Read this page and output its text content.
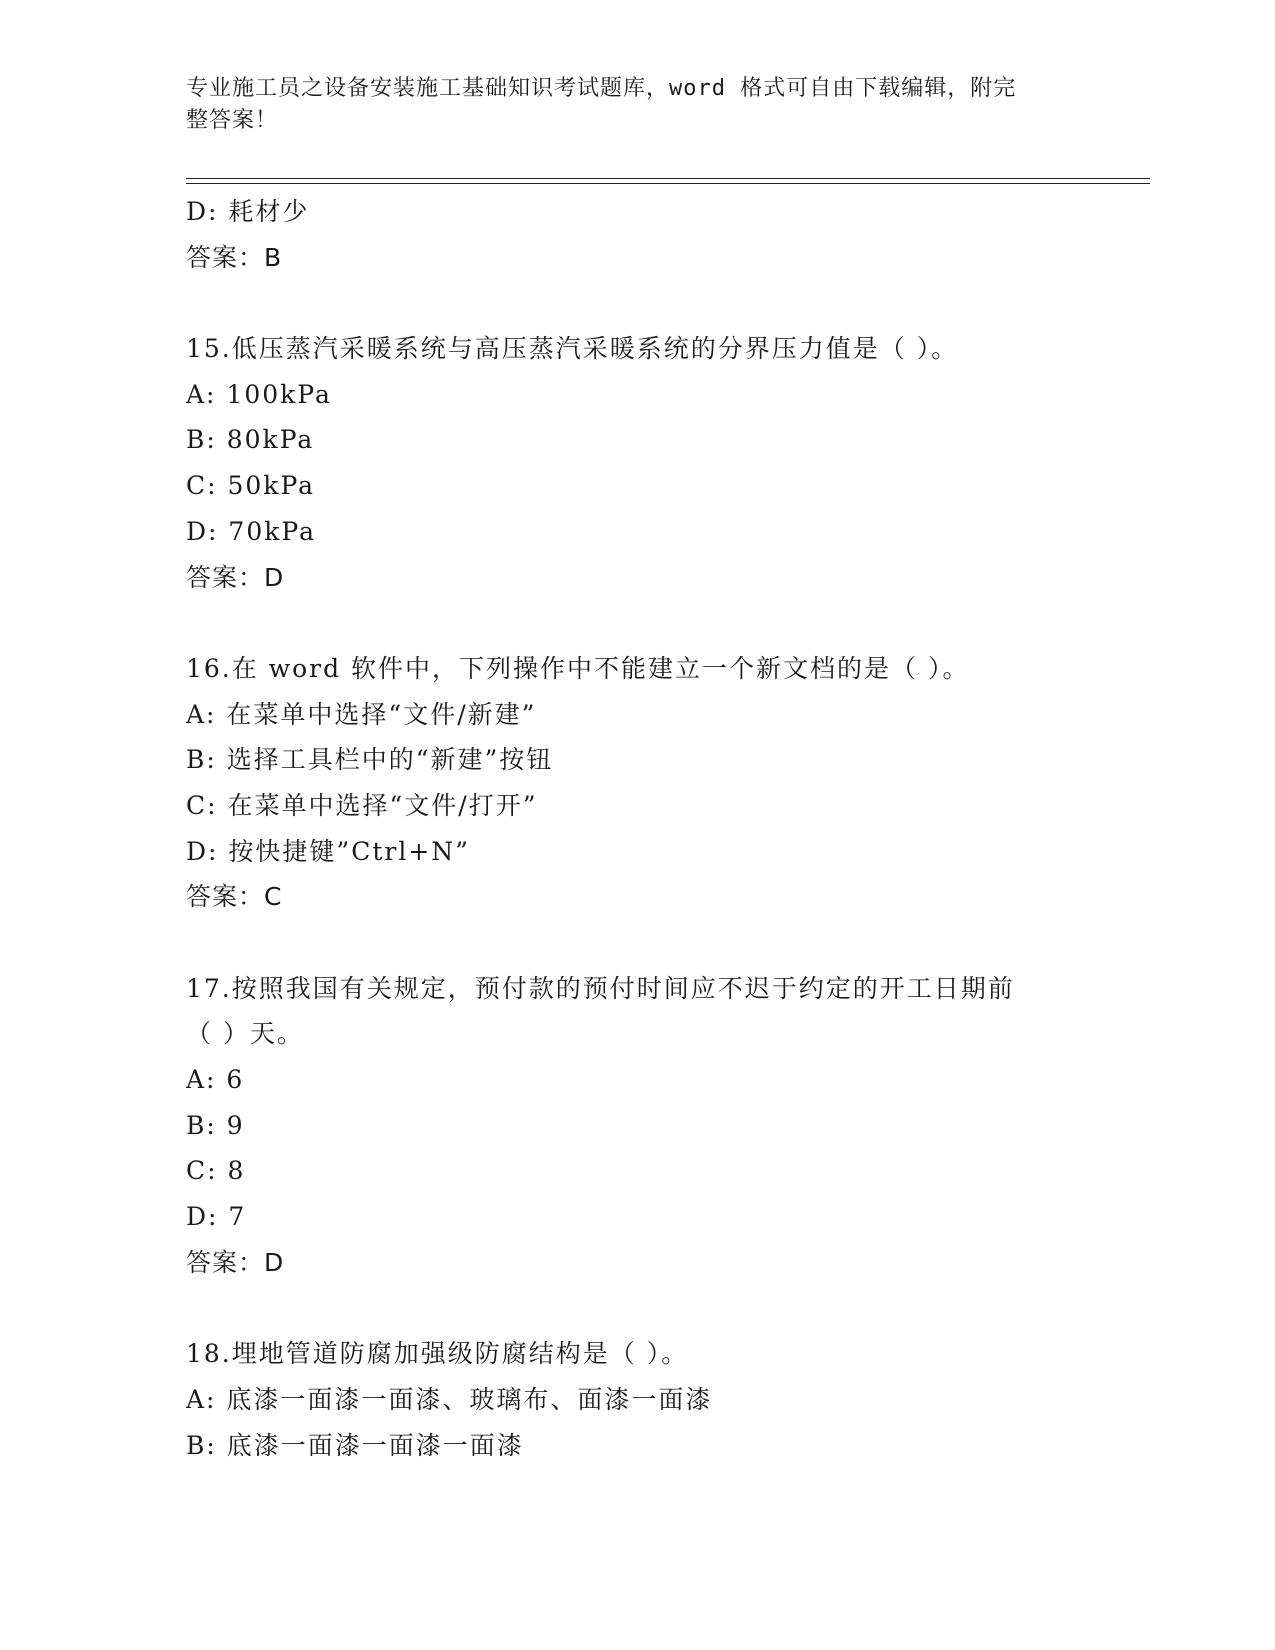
专业施工员之设备安装施工基础知识考试题库，word 格式可自由下载编辑，附完
整答案！
D: 耗材少
答案：B
15.低压蒸汽采暖系统与高压蒸汽采暖系统的分界压力值是（ ）。
A: 100kPa
B: 80kPa
C: 50kPa
D: 70kPa
答案：D
16.在 word 软件中，下列操作中不能建立一个新文档的是（ ）。
A: 在菜单中选择“文件/新建”
B: 选择工具栏中的“新建”按钮
C: 在菜单中选择“文件/打开”
D: 按快捷键”Ctrl+N”
答案：C
17.按照我国有关规定，预付款的预付时间应不迟于约定的开工日期前
（ ）天。
A: 6
B: 9
C: 8
D: 7
答案：D
18.埋地管道防腐加强级防腐结构是（ ）。
A: 底漆一面漆一面漆、玻璃布、面漆一面漆
B: 底漆一面漆一面漆一面漆
